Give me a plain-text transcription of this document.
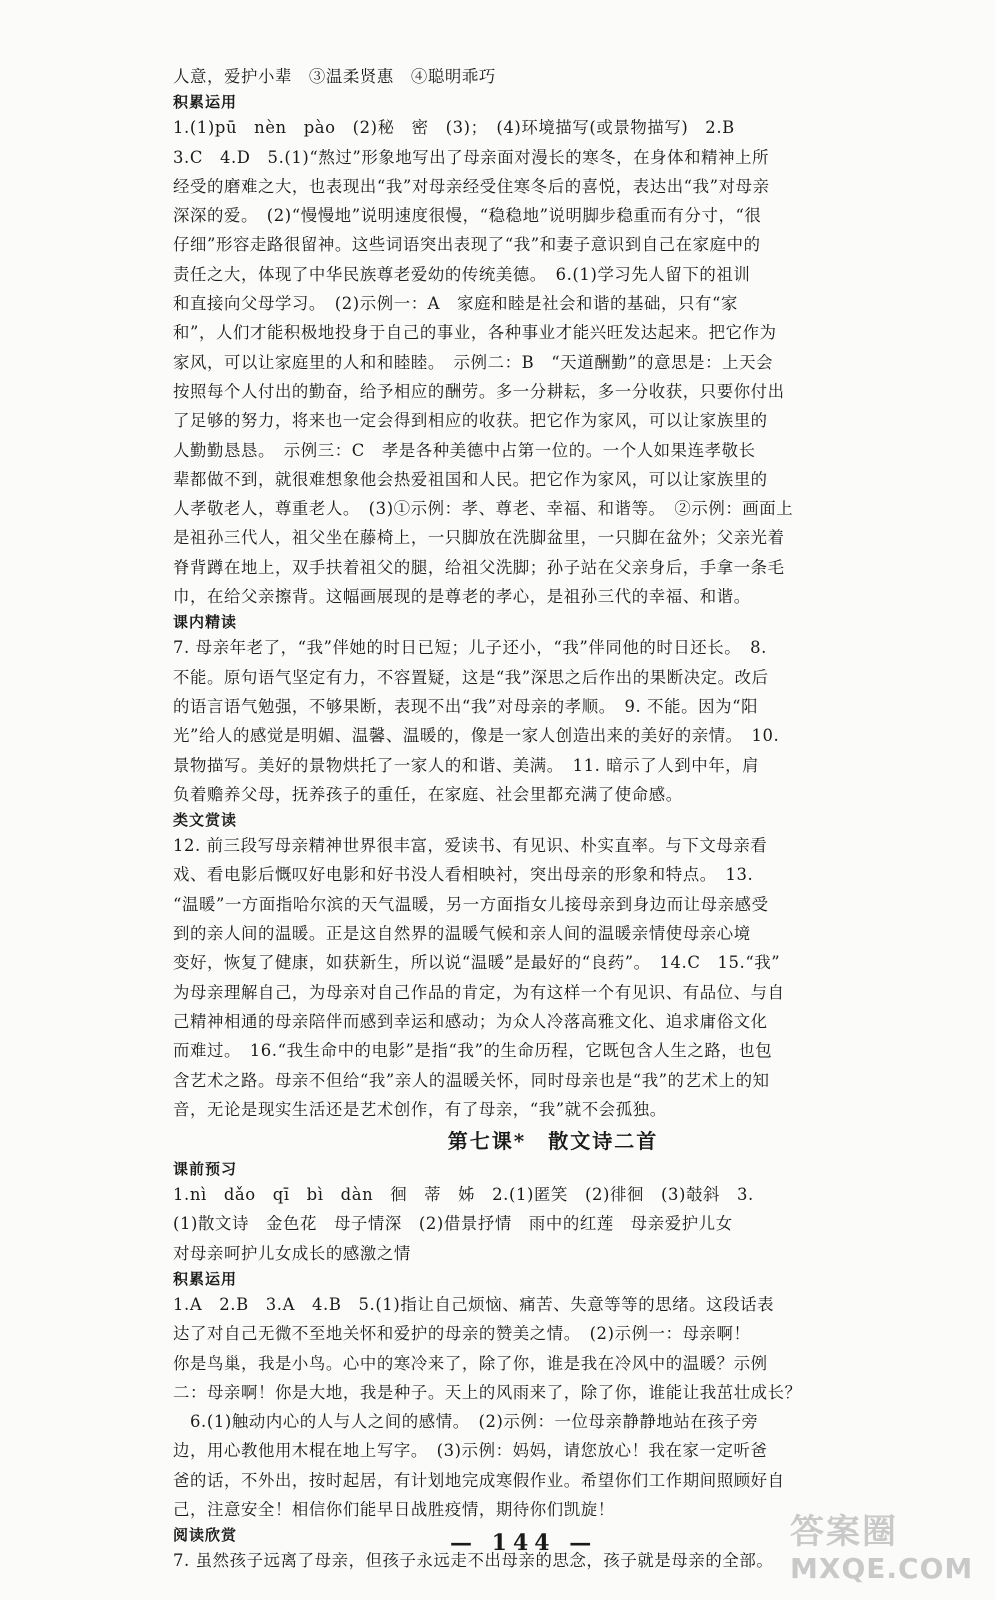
人意，爱护小辈　③温柔贤惠　④聪明乖巧
积累运用
1.(1)pū　nèn　pào　(2)秘　密　(3)；　(4)环境描写(或景物描写)　2.B
3.C　4.D　5.(1)“熬过”形象地写出了母亲面对漫长的寒冬，在身体和精神上所
经受的磨难之大，也表现出“我”对母亲经受住寒冬后的喜悦，表达出“我”对母亲
深深的爱。　(2)“慢慢地”说明速度很慢，“稳稳地”说明脚步稳重而有分寸，“很
仔细”形容走路很留神。这些词语突出表现了“我”和妻子意识到自己在家庭中的
责任之大，体现了中华民族尊老爱幼的传统美德。　6.(1)学习先人留下的祖训
和直接向父母学习。　(2)示例一：A　家庭和睦是社会和谐的基础，只有“家
和”，人们才能积极地投身于自己的事业，各种事业才能兴旺发达起来。把它作为
家风，可以让家庭里的人和和睦睦。　示例二：B　“天道酬勤”的意思是：上天会
按照每个人付出的勤奋，给予相应的酬劳。多一分耕耘，多一分收获，只要你付出
了足够的努力，将来也一定会得到相应的收获。把它作为家风，可以让家族里的
人勤勤恳恳。　示例三：C　孝是各种美德中占第一位的。一个人如果连孝敬长
辈都做不到，就很难想象他会热爱祖国和人民。把它作为家风，可以让家族里的
人孝敬老人，尊重老人。　(3)①示例：孝、尊老、幸福、和谐等。　②示例：画面上
是祖孙三代人，祖父坐在藤椅上，一只脚放在洗脚盆里，一只脚在盆外；父亲光着
脊背蹲在地上，双手扶着祖父的腿，给祖父洗脚；孙子站在父亲身后，手拿一条毛
巾，在给父亲擦背。这幅画展现的是尊老的孝心，是祖孙三代的幸福、和谐。
课内精读
7. 母亲年老了，“我”伴她的时日已短；儿子还小，“我”伴同他的时日还长。　8.
不能。原句语气坚定有力，不容置疑，这是“我”深思之后作出的果断决定。改后
的语言语气勉强，不够果断，表现不出“我”对母亲的孝顺。　9. 不能。因为“阳
光”给人的感觉是明媚、温馨、温暖的，像是一家人创造出来的美好的亲情。　10.
景物描写。美好的景物烘托了一家人的和谐、美满。　11. 暗示了人到中年，肩
负着赡养父母，抚养孩子的重任，在家庭、社会里都充满了使命感。
类文赏读
12. 前三段写母亲精神世界很丰富，爱读书、有见识、朴实直率。与下文母亲看
戏、看电影后慨叹好电影和好书没人看相映衬，突出母亲的形象和特点。　13.
“温暖”一方面指哈尔滨的天气温暖，另一方面指女儿接母亲到身边而让母亲感受
到的亲人间的温暖。正是这自然界的温暖气候和亲人间的温暖亲情使母亲心境
变好，恢复了健康，如获新生，所以说“温暖”是最好的“良药”。　14.C　15.“我”
为母亲理解自己，为母亲对自己作品的肯定，为有这样一个有见识、有品位、与自
己精神相通的母亲陪伴而感到幸运和感动；为众人冷落高雅文化、追求庸俗文化
而难过。　16.“我生命中的电影”是指“我”的生命历程，它既包含人生之路，也包
含艺术之路。母亲不但给“我”亲人的温暖关怀，同时母亲也是“我”的艺术上的知
音，无论是现实生活还是艺术创作，有了母亲，“我”就不会孤独。
第七课*　散文诗二首
课前预习
1.nì　dǎo　qī　bì　dàn　徊　蒂　姊　2.(1)匿笑　(2)徘徊　(3)攲斜　3.
(1)散文诗　金色花　母子情深　(2)借景抒情　雨中的红莲　母亲爱护儿女
对母亲呵护儿女成长的感激之情
积累运用
1.A　2.B　3.A　4.B　5.(1)指让自己烦恼、痛苦、失意等等的思绪。这段话表
达了对自己无微不至地关怀和爱护的母亲的赞美之情。　(2)示例一：母亲啊！
你是鸟巢，我是小鸟。心中的寒冷来了，除了你，谁是我在冷风中的温暖？示例
二：母亲啊！你是大地，我是种子。天上的风雨来了，除了你，谁能让我茁壮成长？
　6.(1)触动内心的人与人之间的感情。　(2)示例：一位母亲静静地站在孩子旁
边，用心教他用木棍在地上写字。　(3)示例：妈妈，请您放心！我在家一定听爸
爸的话，不外出，按时起居，有计划地完成寒假作业。希望你们工作期间照顾好自
己，注意安全！相信你们能早日战胜疫情，期待你们凯旋！
阅读欣赏
7. 虽然孩子远离了母亲，但孩子永远走不出母亲的思念，孩子就是母亲的全部。
— 144 —	答案圈
MXQE.COM
